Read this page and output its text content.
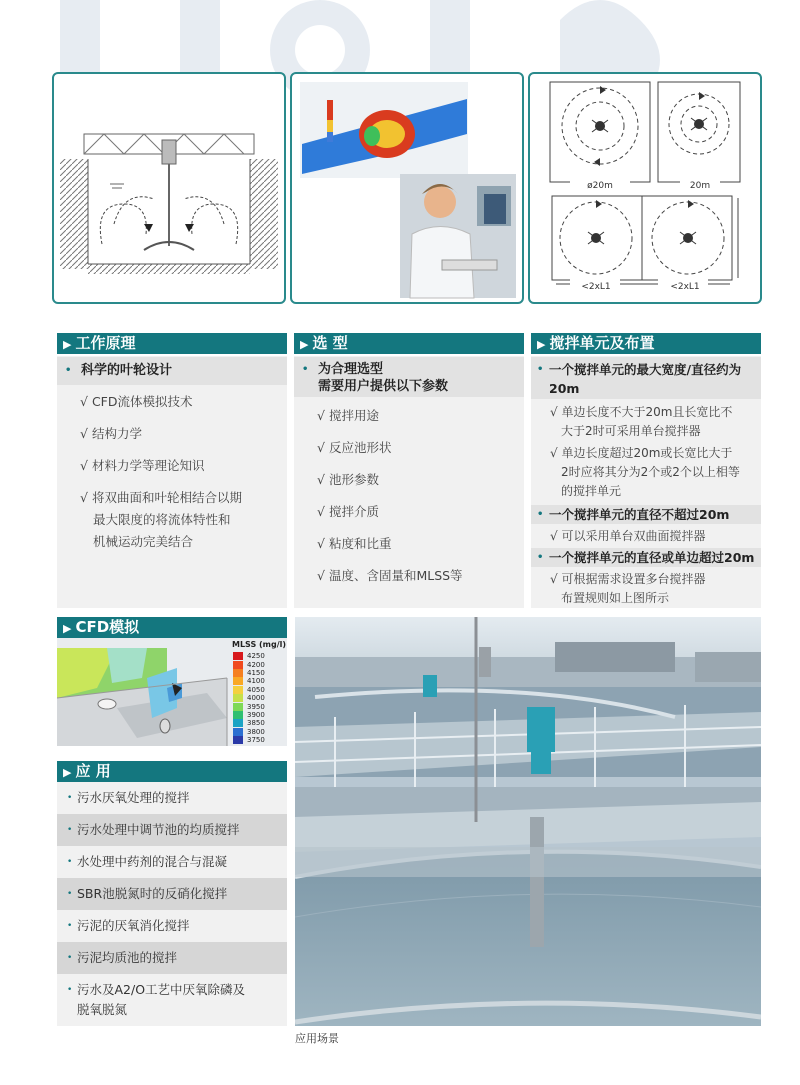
ø20m	20m
<2xL1	<2xL1
▶ 工作原理
• 科学的叶轮设计
√ CFD流体模拟技术
√ 结构力学
√ 材料力学等理论知识
√ 将双曲面和叶轮相结合以期
最大限度的将流体特性和
机械运动完美结合
▶ 选 型
• 为合理选型
需要用户提供以下参数
√ 搅拌用途
√ 反应池形状
√ 池形参数
√ 搅拌介质
√ 粘度和比重
√ 温度、含固量和MLSS等
▶ 搅拌单元及布置
• 一个搅拌单元的最大宽度/直径约为
20m
√ 单边长度不大于20m且长宽比不
大于2时可采用单台搅拌器
√ 单边长度超过20m或长宽比大于
2时应将其分为2个或2个以上相等
的搅拌单元
• 一个搅拌单元的直径不超过20m
√ 可以采用单台双曲面搅拌器
• 一个搅拌单元的直径或单边超过20m
√ 可根据需求设置多台搅拌器
布置规则如上图所示
▶ CFD模拟
MLSS (mg/l)
4250
4200
4150
4100
4050
4000
3950
3900
3850
3800
3750
▶ 应 用
• 污水厌氧处理的搅拌
• 污水处理中调节池的均质搅拌
• 水处理中药剂的混合与混凝
• SBR池脱氮时的反硝化搅拌
• 污泥的厌氧消化搅拌
• 污泥均质池的搅拌
• 污水及A2/O工艺中厌氧除磷及
脱氧脱氮
应用场景
